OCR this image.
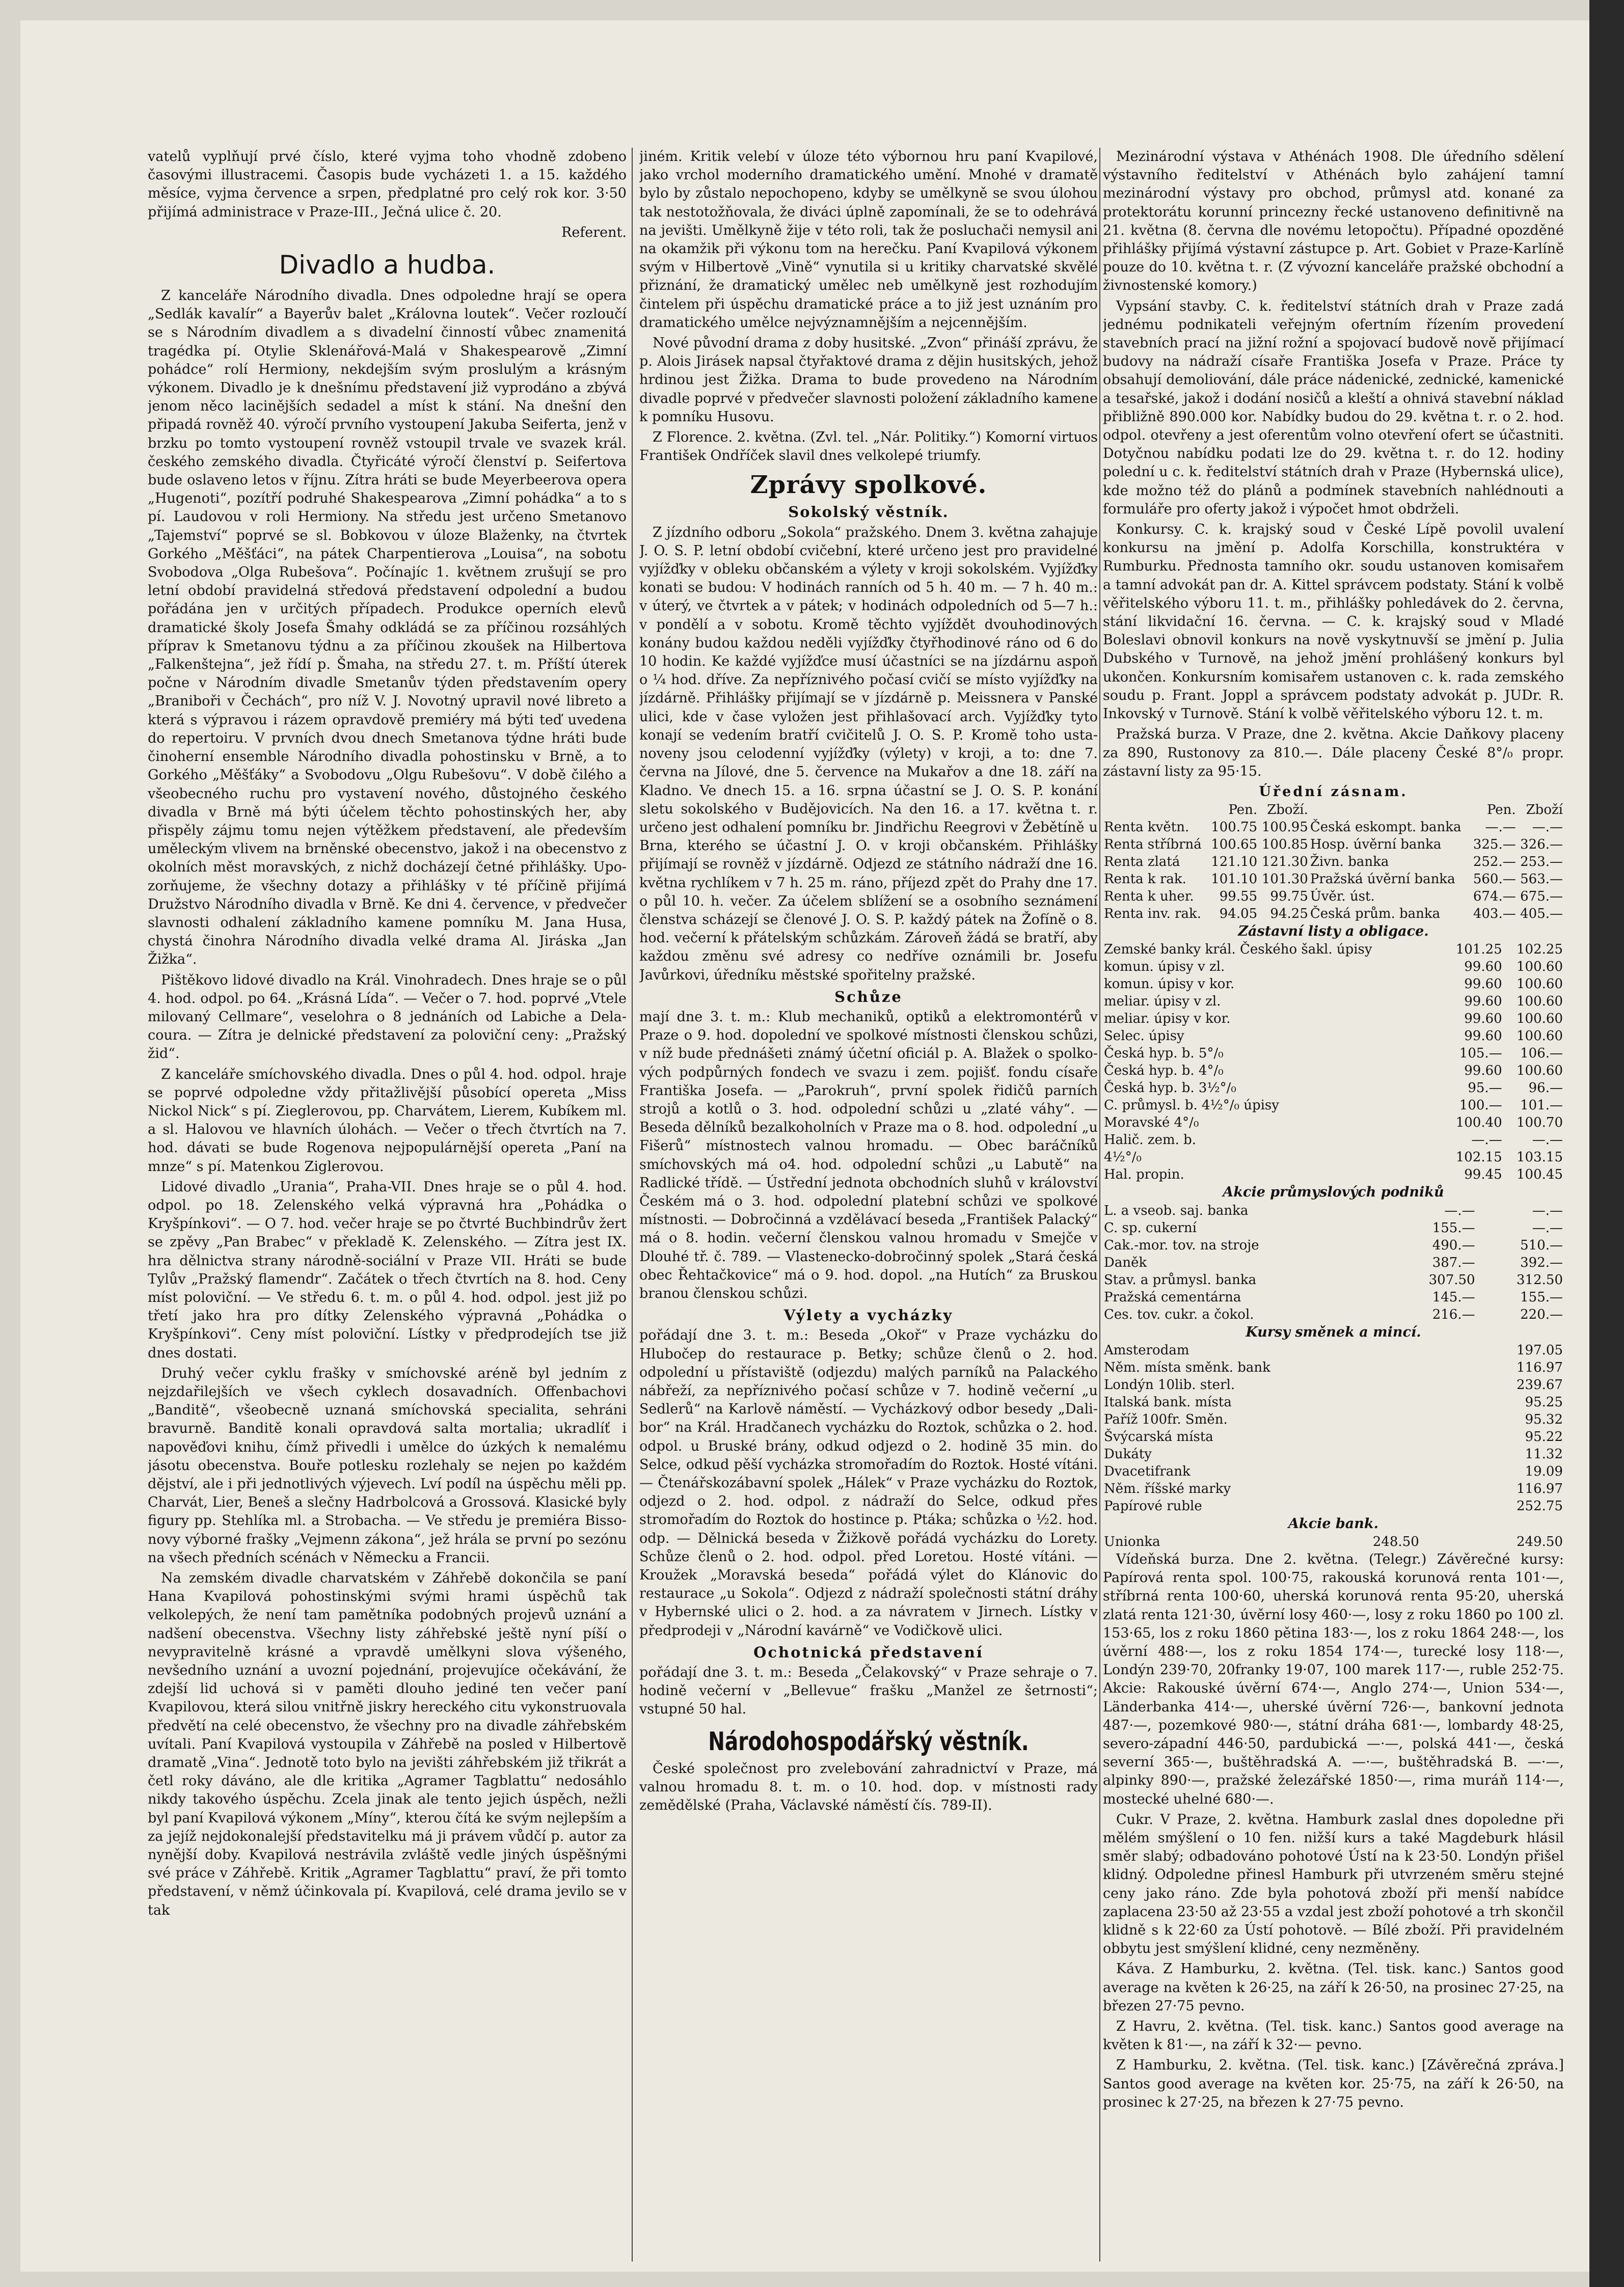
vatelů vyplňují prvé číslo, které vyjma toho vhodně zdobeno časovými illustracemi. Časopis bude vycházeti 1. a 15. každého měsíce, vyjma července a srpen, předplatné pro celý rok kor. 3·50 přijímá administrace v Praze-III., Ječná ulice č. 20.

Referent.

Divadlo a hudba.

Z kanceláře Národního divadla. Dnes odpoledne hrají se opera „Sedlák kavalír“ a Bayerův balet „Královna loutek“. Večer rozloučí se s Národním divadlem a s divadelní činností vůbec znamenitá tragédka pí. Otylie Sklenářová-Malá v Shakespearově „Zimní pohádce“ rolí Hermiony, nekdejším svým proslulým a krásným výkonem. Divadlo je k dnešnímu představení již vyprodáno a zbývá jenom něco lacinějších sedadel a míst k stání. Na dnešní den připadá rovněž 40. výročí prvního vystoupení Jakuba Seiferta, jenž v brzku po tomto vystoupení rovněž vstoupil trvale ve svazek král. českého zemského divadla. Čtyřicáté výročí členství p. Seifertova bude oslaveno letos v říjnu. Zítra hráti se bude Meyerbeerova opera „Hugenoti“, pozítří podruhé Shakespearova „Zimní pohádka“ a to s pí. Laudovou v roli Hermiony. Na středu jest určeno Smetanovo „Tajemství“ poprvé se sl. Bobkovou v úloze Blaženky, na čtvrtek Gorkého „Měšťáci“, na pátek Charpentierova „Louisa“, na sobotu Svobodova „Olga Rubešova“. Počínajíc 1. květnem zrušují se pro letní období pravidelná středová představení odpolední a budou pořádána jen v určitých případech. Produkce operních elevů dramatické školy Josefa Šmahy odkládá se za příčinou rozsáhlých příprav k Smetanovu týdnu a za příčinou zkoušek na Hilbertova „Falkenštejna“, jež řídí p. Šmaha, na středu 27. t. m. Příští úterek počne v Národním divadle Smetanův týden představením opery „Braniboři v Čechách“, pro níž V. J. Novotný upravil nové libreto a která s výpravou i rázem opravdově premiéry má býti teď uvedena do repertoiru. V prvních dvou dnech Smetanova týdne hráti bude činoherní ensemble Národního divadla pohostinsku v Brně, a to Gorkého „Měšťáky“ a Svobodovu „Olgu Rubešovu“. V době čilého a všeobecného ruchu pro vystavení nového, důstojného českého divadla v Brně má býti účelem těchto pohostinských her, aby přispěly zájmu tomu nejen výtěžkem představení, ale především uměleckým vlivem na brněnské obecenstvo, jakož i na obecenstvo z okolních měst moravských, z nichž docházejí četné přihlášky. Upozorňujeme, že všechny dotazy a přihlášky v té příčině přijímá Družstvo Národního divadla v Brně. Ke dni 4. července, v předvečer slavnosti odhalení základního kamene pomníku M. Jana Husa, chystá činohra Národního divadla velké drama Al. Jiráska „Jan Žižka“.

Pištěkovo lidové divadlo na Král. Vinohradech. Dnes hraje se o půl 4. hod. odpol. po 64. „Krásná Lída“. — Večer o 7. hod. poprvé „Vtele milovaný Cellmare“, veselohra o 8 jednáních od Labiche a Delacoura. — Zítra je delnické představení za poloviční ceny: „Pražský žid“.

Z kanceláře smíchovského divadla. Dnes o půl 4. hod. odpol. hraje se poprvé odpoledne vždy přitažlivější působící opereta „Miss Nickol Nick“ s pí. Zieglerovou, pp. Charvátem, Lierem, Kubíkem ml. a sl. Halovou ve hlavních úlohách. — Večer o třech čtvrtích na 7. hod. dávati se bude Rogenova nejpopulárnější opereta „Paní na mnze“ s pí. Matenkou Ziglerovou.

Lidové divadlo „Urania“, Praha-VII. Dnes hraje se o půl 4. hod. odpol. po 18. Zelenského velká výpravná hra „Pohádka o Kryšpínkovi“. — O 7. hod. večer hraje se po čtvrté Buchbindrův žert se zpěvy „Pan Brabec“ v překladě K. Zelenského. — Zítra jest IX. hra dělnictva strany národně-sociální v Praze VII. Hráti se bude Tylův „Pražský flamendr“. Začátek o třech čtvrtích na 8. hod. Ceny míst poloviční. — Ve středu 6. t. m. o půl 4. hod. odpol. jest již po třetí jako hra pro dítky Zelenského výpravná „Pohádka o Kryšpínkovi“. Ceny míst poloviční. Lístky v předprodejích tse již dnes dostati.

Druhý večer cyklu frašky v smíchovské aréně byl jedním z nejzdařilejších ve všech cyklech dosavadních. Offenbachovi „Banditě“, všeobecně uznaná smíchovská specialita, sehráni bravurně. Banditě konali opravdová salta mortalia; ukradlíť i napověďovi knihu, čímž přivedli i umělce do úzkých k nemalému jásotu obecenstva. Bouře potlesku rozlehaly se nejen po každém dějství, ale i při jednotlivých výjevech. Lví podíl na úspěchu měli pp. Charvát, Lier, Beneš a slečny Hadrbolcová a Grossová. Klasické byly figury pp. Stehlíka ml. a Strobacha. — Ve středu je premiéra Bissonovy výborné frašky „Vejmenn zákona“, jež hrála se první po sezónu na všech předních scénách v Německu a Francii.

Na zemském divadle charvatském v Záhřebě dokončila se paní Hana Kvapilová pohostinskými svými hrami úspěchů tak velkolepých, že není tam pamětníka podobných projevů uznání a nadšení obecenstva. Všechny listy záhřebské ještě nyní píší o nevypravitelně krásné a vpravdě umělkyni slova výšeného, nevšedního uznání a uvozní pojednání, projevujíce očekávání, že zdejší lid uchová si v paměti dlouho jediné ten večer paní Kvapilovou, která silou vnitřně jiskry hereckého citu vykonstruovala předvětí na celé obecenstvo, že všechny pro na divadle záhřebském uvítali. Paní Kvapilová vystoupila v Záhřebě na posled v Hilbertově dramatě „Vina“. Jednotě toto bylo na jevišti záhřebském již třikrát a četl roky dáváno, ale dle kritika „Agramer Tagblattu“ nedosáhlo nikdy takového úspěchu. Zcela jinak ale tento jejich úspěch, nežli byl paní Kvapilová výkonem „Míny“, kterou čítá ke svým nejlepším a za jejíž nejdokonalejší představitelku má ji právem vůdčí p. autor za nynější doby. Kvapilová nestrávila zvláště vedle jiných úspěšnými své práce v Záhřebě. Kritik „Agramer Tagblattu“ praví, že při tomto představení, v němž účinkovala pí. Kvapilová, celé drama jevilo se v tak

jiném. Kritik velebí v úloze této výbornou hru paní Kvapilové, jako vrchol moderního dramatického umění. Mnohé v dramatě bylo by zůstalo nepochopeno, kdyby se umělkyně se svou úlohou tak nestotožňovala, že diváci úplně zapomínali, že se to odehrává na jevišti. Umělkyně žije v této roli, tak že posluchači nemysil ani na okamžik při výkonu tom na herečku. Paní Kvapilová výkonem svým v Hilbertově „Vině“ vynutila si u kritiky charvatské skvělé přiznání, že dramatický umělec neb umělkyně jest rozhodujím čintelem při úspěchu dramatické práce a to již jest uznáním pro dramatického umělce nejvýznamnějším a nejcennějším.

Nové původní drama z doby husitské. „Zvon“ přináší zprávu, že p. Alois Jirásek napsal čtyřaktové drama z dějin husitských, jehož hrdinou jest Žižka. Drama to bude provedeno na Národním divadle poprvé v předvečer slavnosti položení základního kamene k pomníku Husovu.

Z Florence. 2. května. (Zvl. tel. „Nár. Politiky.“) Komorní virtuos František Ondříček slavil dnes velkolepé triumfy.

Zprávy spolkové.
Sokolský věstník.

Z jízdního odboru „Sokola“ pražského. Dnem 3. května zahajuje J. O. S. P. letní období cvičební, které určeno jest pro pravidelné vyjížďky v obleku občanském a výlety v kroji sokolském. Vyjížďky konati se budou: V hodinách ranních od 5 h. 40 m. — 7 h. 40 m.: v úterý, ve čtvrtek a v pátek; v hodinách odpoledních od 5—7 h.: v pondělí a v sobotu. Kromě těchto vyjíždět dvouhodinových konány budou každou neděli vyjížďky čtyřhodinové ráno od 6 do 10 hodin. Ke každé vyjížďce musí účastníci se na jízdárnu aspoň o ¼ hod. dříve. Za nepříznivého počasí cvičí se místo vyjížďky na jízdárně. Přihlášky přijímají se v jízdárně p. Meissnera v Panské ulici, kde v čase vyložen jest přihlašovací arch. Vyjížďky tyto konají se vedením bratří cvičitelů J. O. S. P. Kromě toho ustanoveny jsou celodenní vyjížďky (výlety) v kroji, a to: dne 7. června na Jílové, dne 5. července na Mukařov a dne 18. září na Kladno. Ve dnech 15. a 16. srpna účastní se J. O. S. P. konání sletu sokolského v Budějovicích. Na den 16. a 17. května t. r. určeno jest odhalení pomníku br. Jindřichu Reegrovi v Žebětíně u Brna, kterého se účastní J. O. v kroji občanském. Přihlášky přijímají se rovněž v jízdárně. Odjezd ze státního nádraží dne 16. května rychlíkem v 7 h. 25 m. ráno, příjezd zpět do Prahy dne 17. o půl 10. h. večer. Za účelem sblížení se a osobního seznámení členstva scházejí se členové J. O. S. P. každý pátek na Žofíně o 8. hod. večerní k přátelským schůzkám. Zároveň žádá se bratří, aby každou změnu své adresy co nedříve oznámili br. Josefu Javůrkovi, úředníku městské spořitelny pražské.

Schůze

mají dne 3. t. m.: Klub mechaniků, optiků a elektromontérů v Praze o 9. hod. dopolední ve spolkové místnosti členskou schůzi, v níž bude přednášeti známý účetní oficiál p. A. Blažek o spolkových podpůrných fondech ve svazu i zem. pojišť. fondu císaře Františka Josefa. — „Parokruh“, první spolek řidičů parních strojů a kotlů o 3. hod. odpolední schůzi u „zlaté váhy“. — Beseda dělníků bezalkoholních v Praze ma o 8. hod. odpolední „u Fišerů“ místnostech valnou hromadu. — Obec baráčníků smíchovských má o4. hod. odpolední schůzi „u Labutě“ na Radlické třídě. — Ústřední jednota obchodních sluhů v království Českém má o 3. hod. odpolední platební schůzi ve spolkové místnosti. — Dobročinná a vzdělávací beseda „František Palacký“ má o 8. hodin. večerní členskou valnou hromadu v Smejče v Dlouhé tř. č. 789. — Vlastenecko-dobročinný spolek „Stará česká obec Řehtačkovice“ má o 9. hod. dopol. „na Hutích“ za Bruskou branou členskou schůzi.

Výlety a vycházky

pořádají dne 3. t. m.: Beseda „Okoř“ v Praze vycházku do Hlubočep do restaurace p. Betky; schůze členů o 2. hod. odpolední u přístaviště (odjezdu) malých parníků na Palackého nábřeží, za nepříznivého počasí schůze v 7. hodině večerní „u Sedlerů“ na Karlově náměstí. — Vycházkový odbor besedy „Dalibor“ na Král. Hradčanech vycházku do Roztok, schůzka o 2. hod. odpol. u Bruské brány, odkud odjezd o 2. hodině 35 min. do Selce, odkud pěší vycházka stromořadím do Roztok. Hosté vítáni. — Čtenářskozábavní spolek „Hálek“ v Praze vycházku do Roztok, odjezd o 2. hod. odpol. z nádraží do Selce, odkud přes stromořadím do Roztok do hostince p. Ptáka; schůzka o ½2. hod. odp. — Dělnická beseda v Žižkově pořádá vycházku do Lorety. Schůze členů o 2. hod. odpol. před Loretou. Hosté vítáni. — Kroužek „Moravská beseda“ pořádá výlet do Klánovic do restaurace „u Sokola“. Odjezd z nádraží společnosti státní dráhy v Hybernské ulici o 2. hod. a za návratem v Jirnech. Lístky v předprodeji v „Národní kavárně“ ve Vodičkově ulici.

Ochotnická představení

pořádají dne 3. t. m.: Beseda „Čelakovský“ v Praze sehraje o 7. hodině večerní v „Bellevue“ frašku „Manžel ze šetrnosti“; vstupné 50 hal.

Národohospodářský věstník.

České společnost pro zvelebování zahradnictví v Praze, má valnou hromadu 8. t. m. o 10. hod. dop. v místnosti rady zemědělské (Praha, Václavské náměstí čís. 789-II).

Mezinárodní výstava v Athénách 1908. Dle úředního sdělení výstavního ředitelství v Athénách bylo zahájení tamní mezinárodní výstavy pro obchod, průmysl atd. konané za protektorátu korunní princezny řecké ustanoveno definitivně na 21. května (8. června dle novému letopočtu). Případné opozděné přihlášky přijímá výstavní zástupce p. Art. Gobiet v Praze-Karlíně pouze do 10. května t. r. (Z vývozní kanceláře pražské obchodní a živnostenské komory.)

Vypsání stavby. C. k. ředitelství státních drah v Praze zadá jednému podnikateli veřejným ofertním řízením provedení stavebních prací na jižní rožní a spojovací budově nově přijímací budovy na nádraží císaře Františka Josefa v Praze. Práce ty obsahují demoliování, dále práce nádenické, zednické, kamenické a tesařské, jakož i dodání nosičů a kleští a ohnivá stavební náklad přibližně 890.000 kor. Nabídky budou do 29. května t. r. o 2. hod. odpol. otevřeny a jest oferentům volno otevření ofert se účastniti. Dotyčnou nabídku podati lze do 29. května t. r. do 12. hodiny polední u c. k. ředitelství státních drah v Praze (Hybernská ulice), kde možno též do plánů a podmínek stavebních nahlédnouti a formuláře pro oferty jakož i výpočet hmot obdrželi.

Konkursy. C. k. krajský soud v České Lípě povolil uvalení konkursu na jmění p. Adolfa Korschilla, konstruktéra v Rumburku. Přednosta tamního okr. soudu ustanoven komisařem a tamní advokát pan dr. A. Kittel správcem podstaty. Stání k volbě věřitelského výboru 11. t. m., přihlášky pohledávek do 2. června, stání likvidační 16. června. — C. k. krajský soud v Mladé Boleslavi obnovil konkurs na nově vyskytnuvší se jmění p. Julia Dubského v Turnově, na jehož jmění prohlášený konkurs byl ukončen. Konkursním komisařem ustanoven c. k. rada zemského soudu p. Frant. Joppl a správcem podstaty advokát p. JUDr. R. Inkovský v Turnově. Stání k volbě věřitelského výboru 12. t. m.

Pražská burza. V Praze, dne 2. května. Akcie Daňkovy placeny za 890, Rustonovy za 810.—. Dále placeny České 8°/₀ propr. zástavní listy za 95·15.

Úřední zásnam.
	Pen.	Zboží.		Pen.	Zboží
Renta květn.	100.75	100.95	Česká eskompt. banka	—.—	—.—
Renta stříbrná	100.65	100.85	Hosp. úvěrní banka	325.—	326.—
Renta zlatá	121.10	121.30	Živn. banka	252.—	253.—
Renta k rak.	101.10	101.30	Pražská úvěrní banka	560.—	563.—
Renta k uher.	99.55	99.75	Úvěr. úst.	674.—	675.—
Renta inv. rak.	94.05	94.25	Česká prům. banka	403.—	405.—
Zástavní listy a obligace.
Zemské banky král. Českého šakl. úpisy	101.25	102.25
komun. úpisy v zl.	99.60	100.60
komun. úpisy v kor.	99.60	100.60
meliar. úpisy v zl.	99.60	100.60
meliar. úpisy v kor.	99.60	100.60
Selec. úpisy	99.60	100.60
Česká hyp. b. 5°/₀	105.—	106.—
Česká hyp. b. 4°/₀	99.60	100.60
Česká hyp. b. 3½°/₀	95.—	96.—
C. průmysl. b. 4½°/₀ úpisy	100.—	101.—
Moravské 4°/₀	100.40	100.70
Halič. zem. b.	—.—	—.—
4½°/₀	102.15	103.15
Hal. propin.	99.45	100.45
Akcie průmyslových podniků
L. a vseob. saj. banka	—.—	—.—
C. sp. cukerní	155.—	—.—
Cak.-mor. tov. na stroje	490.—	510.—
Daněk	387.—	392.—
Stav. a průmysl. banka	307.50	312.50
Pražská cementárna	145.—	155.—
Ces. tov. cukr. a čokol.	216.—	220.—
Kursy směnek a mincí.
Amsterodam	197.05
Něm. místa směnk. bank	116.97
Londýn 10lib. sterl.	239.67
Italská bank. místa	95.25
Paříž 100fr. Směn.	95.32
Švýcarská místa	95.22
Dukáty	11.32
Dvacetifrank	19.09
Něm. říšské marky	116.97
Papírové ruble	252.75
Akcie bank.
Unionka	248.50	249.50

Vídeňská burza. Dne 2. května. (Telegr.) Závěrečné kursy: Papírová renta spol. 100·75, rakouská korunová renta 101·—, stříbrná renta 100·60, uherská korunová renta 95·20, uherská zlatá renta 121·30, úvěrní losy 460·—, losy z roku 1860 po 100 zl. 153·65, los z roku 1860 pětina 183·—, los z roku 1864 248·—, los úvěrní 488·—, los z roku 1854 174·—, turecké losy 118·—, Londýn 239·70, 20franky 19·07, 100 marek 117·—, ruble 252·75. Akcie: Rakouské úvěrní 674·—, Anglo 274·—, Union 534·—, Länderbanka 414·—, uherské úvěrní 726·—, bankovní jednota 487·—, pozemkové 980·—, státní dráha 681·—, lombardy 48·25, severo-západní 446·50, pardubická —·—, polská 441·—, česká severní 365·—, buštěhradská A. —·—, buštěhradská B. —·—, alpinky 890·—, pražské železářské 1850·—, rima muráň 114·—, mostecké uhelné 680·—.

Cukr. V Praze, 2. května. Hamburk zaslal dnes dopoledne při mělém smýšlení o 10 fen. nižší kurs a také Magdeburk hlásil směr slabý; odbadováno pohotové Ústí na k 23·50. Londýn přišel klidný. Odpoledne přinesl Hamburk při utvrzeném směru stejné ceny jako ráno. Zde byla pohotová zboží při menší nabídce zaplacena 23·50 až 23·55 a vzdal jest zboží pohotové a trh skončil klidně s k 22·60 za Ústí pohotově. — Bílé zboží. Při pravidelném obbytu jest smýšlení klidné, ceny nezměněny.

Káva. Z Hamburku, 2. května. (Tel. tisk. kanc.) Santos good average na květen k 26·25, na září k 26·50, na prosinec 27·25, na březen 27·75 pevno.

Z Havru, 2. května. (Tel. tisk. kanc.) Santos good average na květen k 81·—, na září k 32·— pevno.

Z Hamburku, 2. května. (Tel. tisk. kanc.) [Závěrečná zpráva.] Santos good average na květen kor. 25·75, na září k 26·50, na prosinec k 27·25, na březen k 27·75 pevno.
